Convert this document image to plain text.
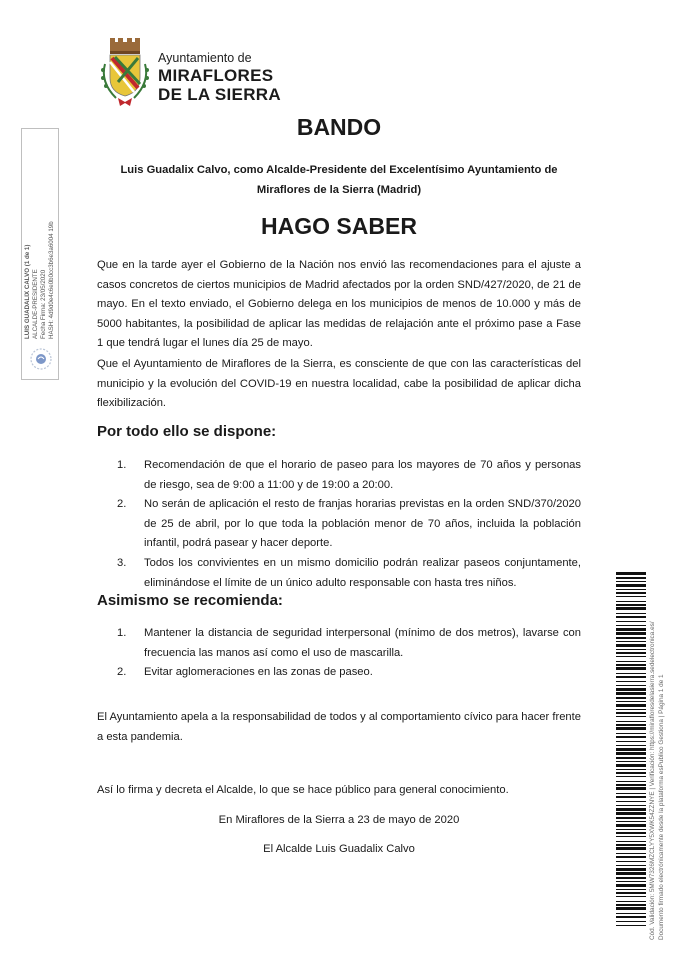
Ayuntamiento de
MIRAFLORES
DE LA SIERRA
LUIS GUADALIX CALVO (1 de 1) ALCALDE-PRESIDENTE Fecha Firma: 23/05/2020 HASH: 4d9d0e4c6e0b0cc3b6e3a6004 19b
BANDO
Luis Guadalix Calvo, como Alcalde-Presidente del Excelentísimo Ayuntamiento de Miraflores de la Sierra (Madrid)
HAGO SABER
Que en la tarde ayer el Gobierno de la Nación nos envió las recomendaciones para el ajuste a casos concretos de ciertos municipios de Madrid afectados por la orden SND/427/2020, de 21 de mayo. En el texto enviado, el Gobierno delega en los municipios de menos de 10.000 y más de 5000 habitantes, la posibilidad de aplicar las medidas de relajación ante el próximo pase a Fase 1 que tendrá lugar el lunes día 25 de mayo.
Que el Ayuntamiento de Miraflores de la Sierra, es consciente de que con las características del municipio y la evolución del COVID-19 en nuestra localidad, cabe la posibilidad de aplicar dicha flexibilización.
Por todo ello se dispone:
1. Recomendación de que el horario de paseo para los mayores de 70 años y personas de riesgo, sea de 9:00 a 11:00 y de 19:00 a 20:00.
2. No serán de aplicación el resto de franjas horarias previstas en la orden SND/370/2020 de 25 de abril, por lo que toda la población menor de 70 años, incluida la población infantil, podrá pasear y hacer deporte.
3. Todos los convivientes en un mismo domicilio podrán realizar paseos conjuntamente, eliminándose el límite de un único adulto responsable con hasta tres niños.
Asimismo se recomienda:
1. Mantener la distancia de seguridad interpersonal (mínimo de dos metros), lavarse con frecuencia las manos así como el uso de mascarilla.
2. Evitar aglomeraciones en las zonas de paseo.
El Ayuntamiento apela a la responsabilidad de todos y al comportamiento cívico para hacer frente a esta pandemia.
Así lo firma y decreta el Alcalde, lo que se hace público para general conocimiento.
En Miraflores de la Sierra a 23 de mayo de 2020
El Alcalde Luis Guadalix Calvo	Cód. Validación: 5MW7326MZCLYY5XWK54ZZNYE | Verificación: https://mirafloresdelasierra.sedelectronica.es/ Documento firmado electrónicamente desde la plataforma esPublico Gestiona | Página 1 de 1
